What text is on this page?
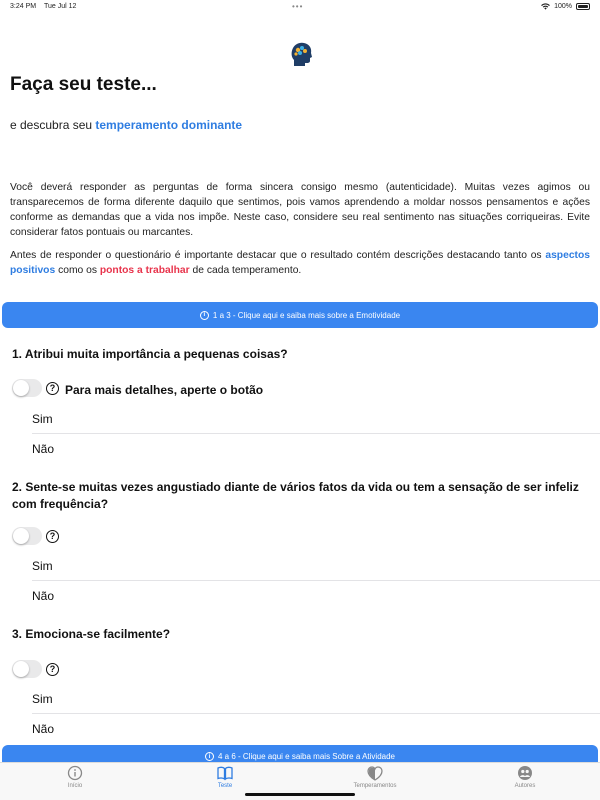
3:24 PM Tue Jul 12	•••	100%
Faça seu teste...
e descubra seu temperamento dominante
Você deverá responder as perguntas de forma sincera consigo mesmo (autenticidade). Muitas vezes agimos ou transparecemos de forma diferente daquilo que sentimos, pois vamos aprendendo a moldar nossos pensamentos e ações conforme as demandas que a vida nos impõe. Neste caso, considere seu real sentimento nas situações corriqueiras. Evite considerar fatos pontuais ou marcantes.
Antes de responder o questionário é importante destacar que o resultado contém descrições destacando tanto os aspectos positivos como os pontos a trabalhar de cada temperamento.
i 1 a 3 - Clique aqui e saiba mais sobre a Emotividade
1. Atribui muita importância a pequenas coisas?
? Para mais detalhes, aperte o botão
Sim
Não
2. Sente-se muitas vezes angustiado diante de vários fatos da vida ou tem a sensação de ser infeliz com frequência?
?
Sim
Não
3. Emociona-se facilmente?
?
Sim
Não
i 4 a 6 - Clique aqui e saiba mais Sobre a Atividade
Início	Teste	Temperamentos	Autores
